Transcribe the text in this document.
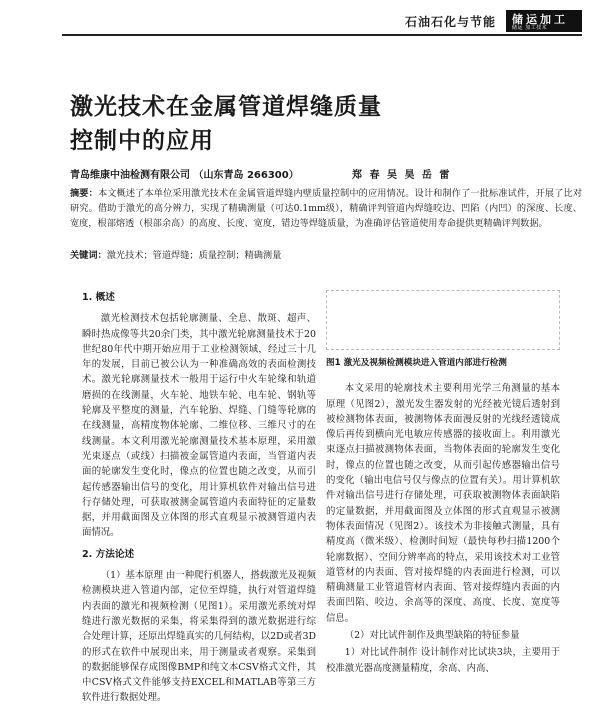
石油石化与节能 储运加工
储运 加工技术
激光技术在金属管道焊缝质量
控制中的应用
青岛维康中油检测有限公司 （山东青岛 266300）	郑 春 吴 昊 岳 雷
摘要：本文概述了本单位采用激光技术在金属管道焊缝内壁质量控制中的应用情况。设计和制作了一批标准试件，开展了比对研究。借助于激光的高分辨力，实现了精确测量（可达0.1mm级），精确评判管道内焊缝咬边、凹陷（内凹）的深度、长度、宽度，根部熔透（根部余高）的高度、长度、宽度，错边等焊缝质量，为准确评估管道使用寿命提供更精确评判数据。
关键词：激光技术；管道焊缝；质量控制；精确测量
1. 概述

激光检测技术包括轮廓测量、全息、散斑、超声、瞬时热成像等共20余门类，其中激光轮廓测量技术于20世纪80年代中期开始应用于工业检测领域，经过三十几年的发展，目前已被公认为一种准确高效的表面检测技术。激光轮廓测量技术一般用于运行中火车轮缘和轨道磨损的在线测量，火车轮、地铁车轮、电车轮、钢轨等轮廓及平整度的测量，汽车轮胎、焊缝、门缝等轮廓的在线测量，高精度物体轮廓、二维位移、三维尺寸的在线测量。本文利用激光轮廓测量技术基本原理，采用激光束逐点（或线）扫描被金属管道内表面，当管道内表面的轮廓发生变化时，像点的位置也随之改变，从而引起传感器输出信号的变化，用计算机软件对输出信号进行存储处理，可获取被测金属管道内表面特征的定量数据，并用截面图及立体图的形式直观显示被测管道内表面情况。

2. 方法论述

（1）基本原理 由一种爬行机器人，搭载激光及视频检测模块进入管道内部，定位至焊缝，执行对管道焊缝内表面的激光和视频检测（见图1）。采用激光系统对焊缝进行激光数据的采集，将采集得到的激光数据进行综合处理计算，还原出焊缝真实的几何结构，以2D或者3D的形式在软件中展现出来，用于测量或者观察。采集到的数据能够保存成图像BMP和纯文本CSV格式文件，其中CSV格式文件能够支持EXCEL和MATLAB等第三方软件进行数据处理。

图1 激光及视频检测模块进入管道内部进行检测

本文采用的轮廓技术主要利用光学三角测量的基本原理（见图2），激光发生器发射的光经被光镜后透射到被检测物体表面，被测物体表面漫反射的光线经透镜成像后再传到横向光电敏应传感器的接收面上。利用激光束逐点扫描被测物体表面，当物体表面的轮廓发生变化时，像点的位置也随之改变，从而引起传感器输出信号的变化（输出电信号仅与像点的位置有关）。用计算机软件对输出信号进行存储处理，可获取被测物体表面缺陷的定量数据，并用截面图及立体图的形式直观显示被测物体表面情况（见图2）。该技术为非接触式测量，具有精度高（微米级）、检测时间短（最快每秒扫描1200个轮廓数据）、空间分辨率高的特点，采用该技术对工业管道管材的内表面、管对接焊缝的内表面进行检测，可以精确测量工业管道管材内表面、管对接焊缝内表面的内表面凹陷、咬边、余高等的深度、高度、长度、宽度等信息。

（2）对比试件制作及典型缺陷的特征参量

1）对比试件制作 设计制作对比试块3块，主要用于校准激光器高度测量精度，余高、内高、
